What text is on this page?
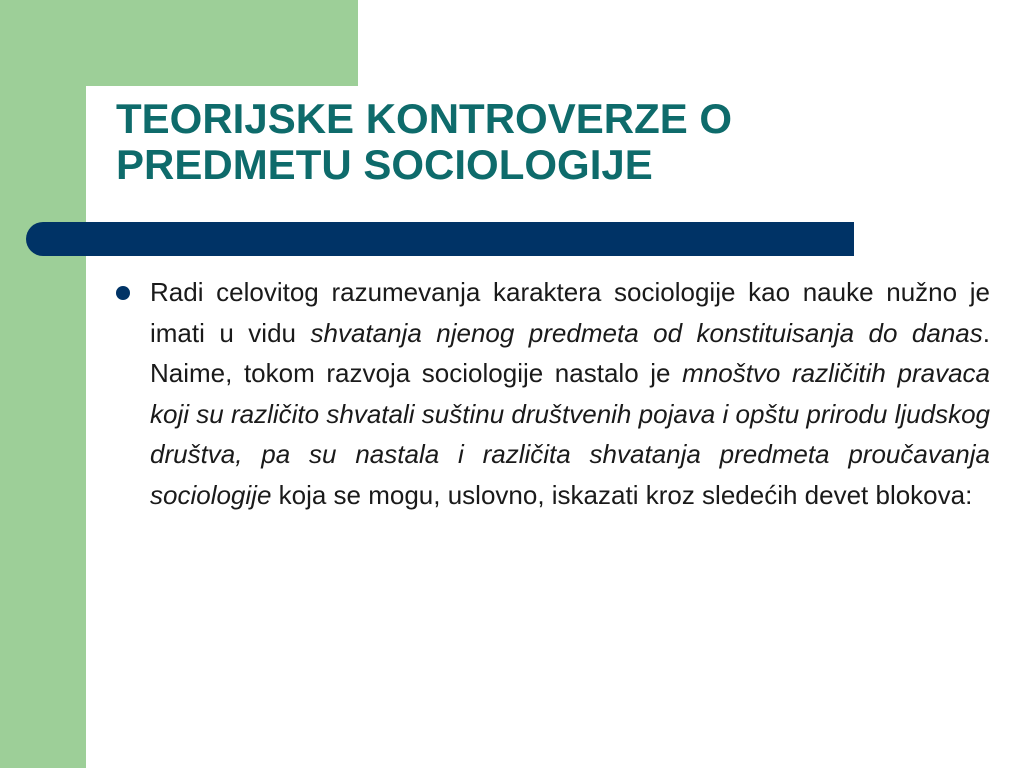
TEORIJSKE KONTROVERZE O
PREDMETU SOCIOLOGIJE

Radi celovitog razumevanja karaktera sociologije kao nauke nužno je imati u vidu shvatanja njenog predmeta od konstituisanja do danas. Naime, tokom razvoja sociologije nastalo je mnoštvo različitih pravaca koji su različito shvatali suštinu društvenih pojava i opštu prirodu ljudskog društva, pa su nastala i različita shvatanja predmeta proučavanja sociologije koja se mogu, uslovno, iskazati kroz sledećih devet blokova:
